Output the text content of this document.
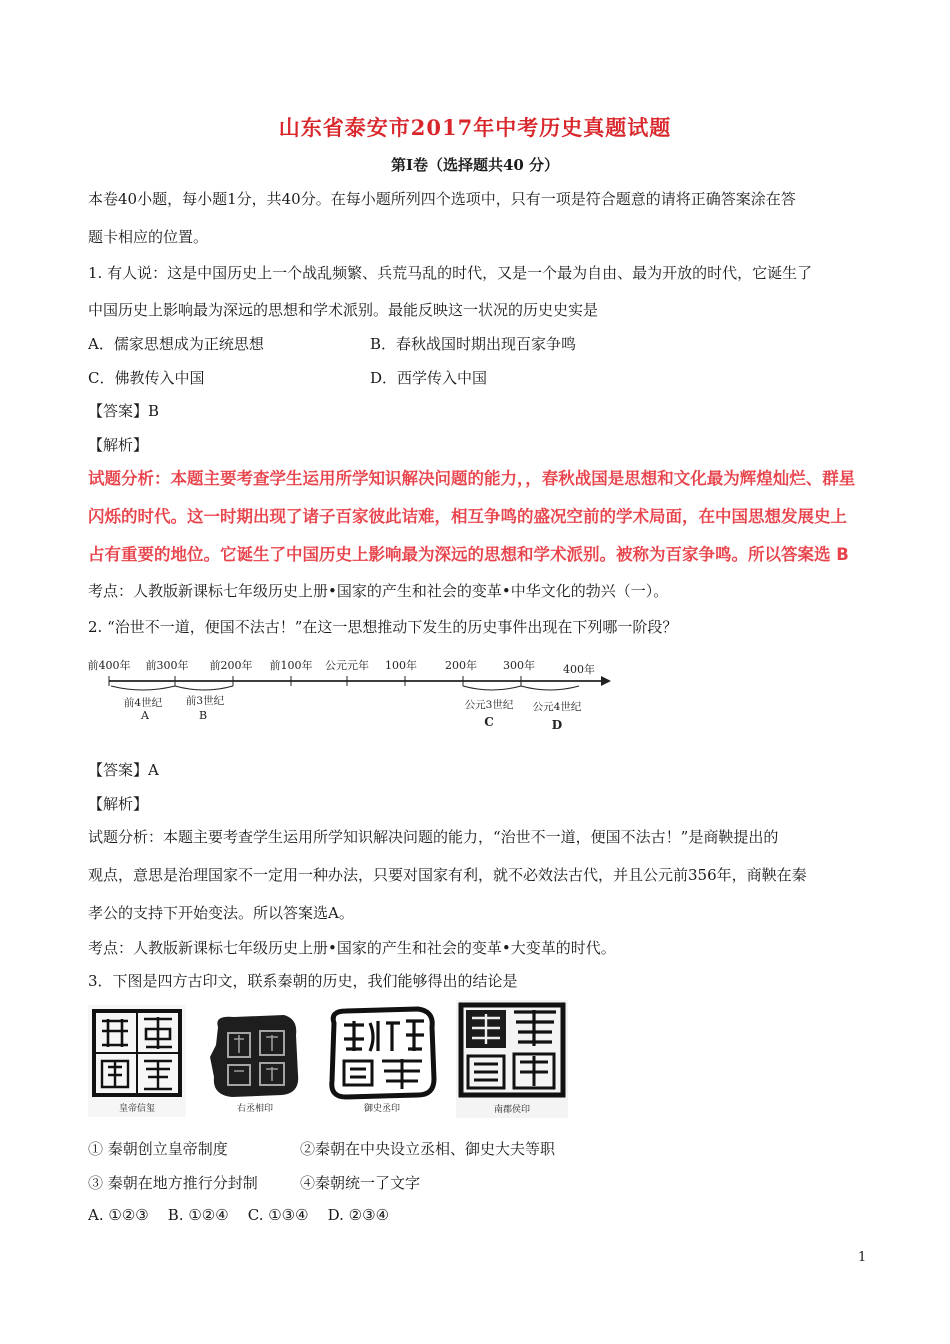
山东省泰安市2017年中考历史真题试题
第Ⅰ卷（选择题共40 分）
本卷40小题，每小题1分，共40分。在每小题所列四个选项中，只有一项是符合题意的请将正确答案涂在答
题卡相应的位置。
1. 有人说：这是中国历史上一个战乱频繁、兵荒马乱的时代，又是一个最为自由、最为开放的时代，它诞生了
中国历史上影响最为深远的思想和学术派别。最能反映这一状况的历史史实是
A．儒家思想成为正统思想	B．春秋战国时期出现百家争鸣
C．佛教传入中国	D．西学传入中国
【答案】B
【解析】
试题分析：本题主要考查学生运用所学知识解决问题的能力，，春秋战国是思想和文化最为辉煌灿烂、群星
闪烁的时代。这一时期出现了诸子百家彼此诘难，相互争鸣的盛况空前的学术局面，在中国思想发展史上
占有重要的地位。它诞生了中国历史上影响最为深远的思想和学术派别。被称为百家争鸣。所以答案选 B
考点：人教版新课标七年级历史上册•国家的产生和社会的变革•中华文化的勃兴（一）。
2. “治世不一道，便国不法古！”在这一思想推动下发生的历史事件出现在下列哪一阶段？
前400年 前300年 前200年 前100年 公元元年 100年	200年 300年	400年
前4世纪
A
前3世纪
B
公元3世纪
C
公元4世纪
D
【答案】A
【解析】
试题分析：本题主要考查学生运用所学知识解决问题的能力，“治世不一道，便国不法古！”是商鞅提出的
观点，意思是治理国家不一定用一种办法，只要对国家有利，就不必效法古代，并且公元前356年，商鞅在秦
孝公的支持下开始变法。所以答案选A。
考点：人教版新课标七年级历史上册•国家的产生和社会的变革•大变革的时代。
3．下图是四方古印文，联系秦朝的历史，我们能够得出的结论是
皇帝信玺	右丞相印	御史丞印	南郡侯印
① 秦朝创立皇帝制度	②秦朝在中央设立丞相、御史大夫等职
③ 秦朝在地方推行分封制	④秦朝统一了文字
A. ①②③    B. ①②④    C. ①③④    D. ②③④
1
